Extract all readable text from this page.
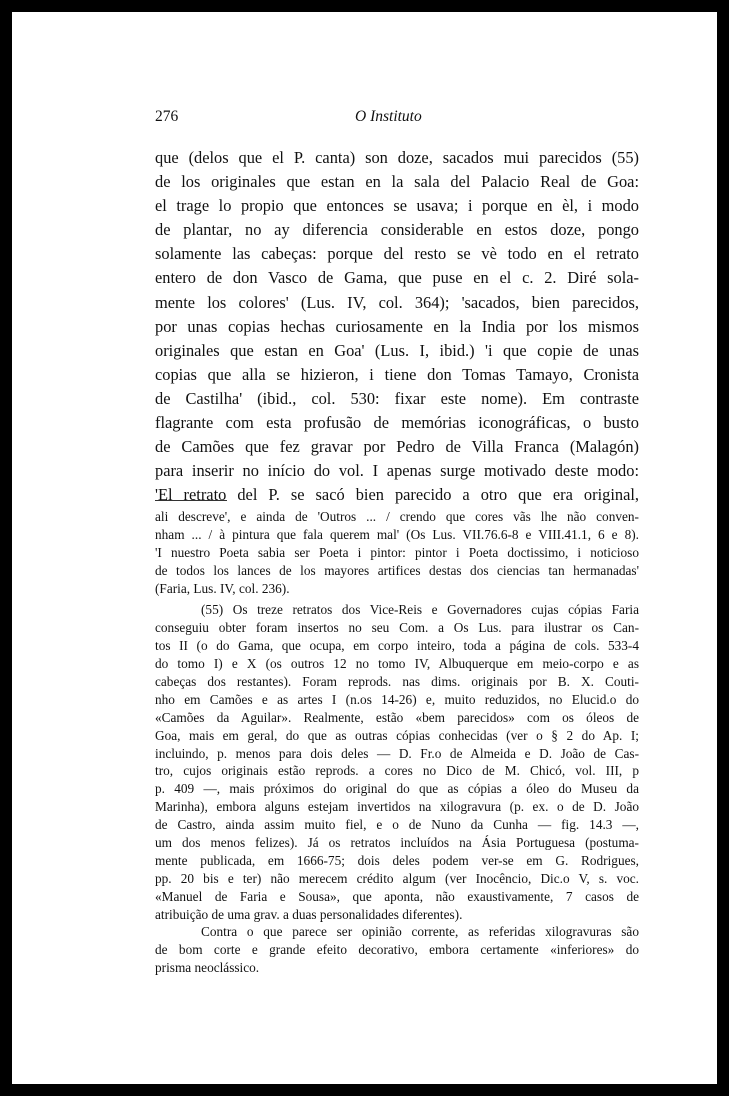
276	O Instituto
que (delos que el P. canta) son doze, sacados mui parecidos (55)
de los originales que estan en la sala del Palacio Real de Goa:
el trage lo propio que entonces se usava; i porque en èl, i modo
de plantar, no ay diferencia considerable en estos doze, pongo
solamente las cabeças: porque del resto se vè todo en el retrato
entero de don Vasco de Gama, que puse en el c. 2. Diré sola-
mente los colores' (Lus. IV, col. 364); 'sacados, bien parecidos,
por unas copias hechas curiosamente en la India por los mismos
originales que estan en Goa' (Lus. I, ibid.) 'i que copie de unas
copias que alla se hizieron, i tiene don Tomas Tamayo, Cronista
de Castilha' (ibid., col. 530: fixar este nome). Em contraste
flagrante com esta profusão de memórias iconográficas, o busto
de Camões que fez gravar por Pedro de Villa Franca (Malagón)
para inserir no início do vol. I apenas surge motivado deste modo:
'El retrato del P. se sacó bien parecido a otro que era original,
ali descreve', e ainda de 'Outros ... / crendo que cores vãs lhe não conven-
nham ... / à pintura que fala querem mal' (Os Lus. VII.76.6-8 e VIII.41.1, 6 e 8).
'I nuestro Poeta sabia ser Poeta i pintor: pintor i Poeta doctissimo, i noticioso
de todos los lances de los mayores artifices destas dos ciencias tan hermanadas'
(Faria, Lus. IV, col. 236).
(55) Os treze retratos dos Vice-Reis e Governadores cujas cópias Faria
conseguiu obter foram insertos no seu Com. a Os Lus. para ilustrar os Can-
tos II (o do Gama, que ocupa, em corpo inteiro, toda a página de cols. 533-4
do tomo I) e X (os outros 12 no tomo IV, Albuquerque em meio-corpo e as
cabeças dos restantes). Foram reprods. nas dims. originais por B. X. Couti-
nho em Camões e as artes I (n.os 14-26) e, muito reduzidos, no Elucid.o do
«Camões da Aguilar». Realmente, estão «bem parecidos» com os óleos de
Goa, mais em geral, do que as outras cópias conhecidas (ver o § 2 do Ap. I;
incluindo, p. menos para dois deles — D. Fr.o de Almeida e D. João de Cas-
tro, cujos originais estão reprods. a cores no Dico de M. Chicó, vol. III, p
p. 409 —, mais próximos do original do que as cópias a óleo do Museu da
Marinha), embora alguns estejam invertidos na xilogravura (p. ex. o de D. João
de Castro, ainda assim muito fiel, e o de Nuno da Cunha — fig. 14.3 —,
um dos menos felizes). Já os retratos incluídos na Ásia Portuguesa (postuma-
mente publicada, em 1666-75; dois deles podem ver-se em G. Rodrigues,
pp. 20 bis e ter) não merecem crédito algum (ver Inocêncio, Dic.o V, s. voc.
«Manuel de Faria e Sousa», que aponta, não exaustivamente, 7 casos de
atribuição de uma grav. a duas personalidades diferentes).
Contra o que parece ser opinião corrente, as referidas xilogravuras são
de bom corte e grande efeito decorativo, embora certamente «inferiores» do
prisma neoclássico.
